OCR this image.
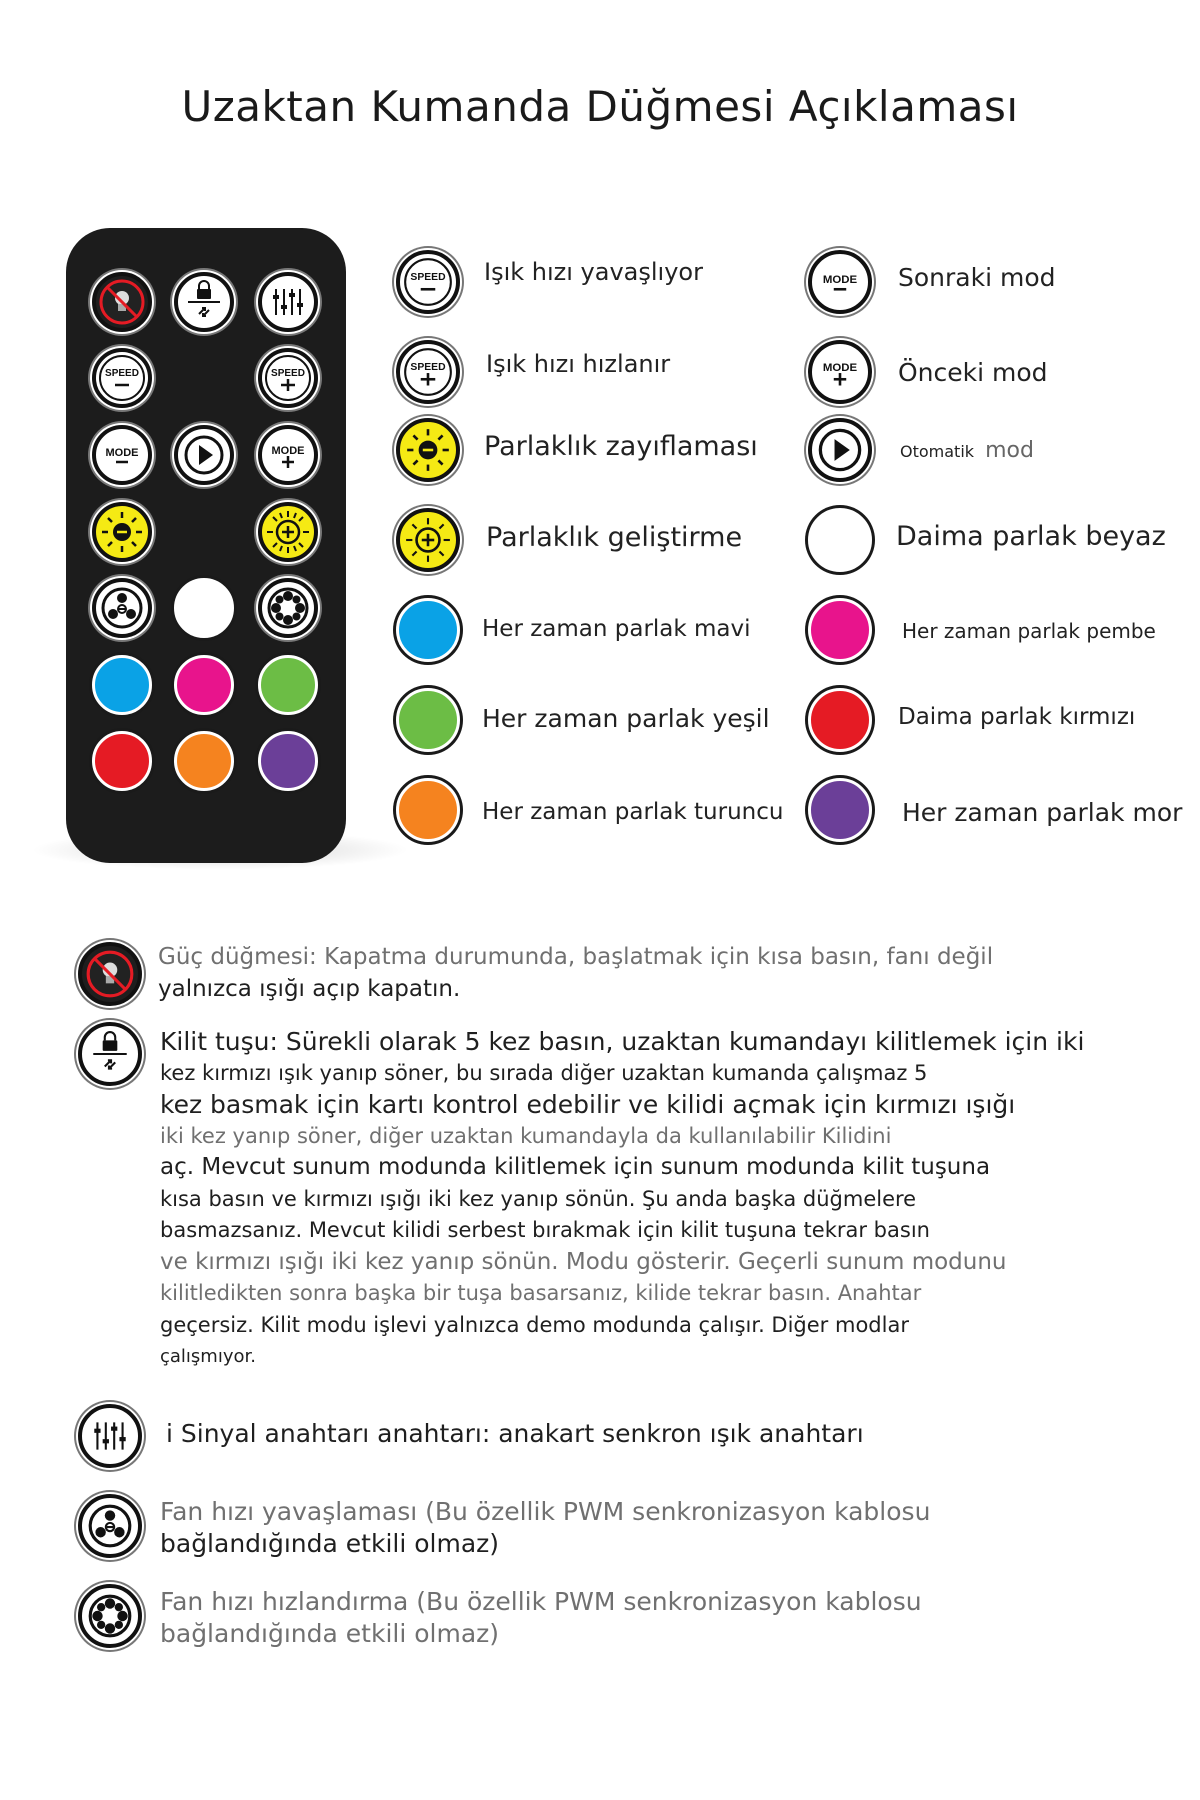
Uzaktan Kumanda Düğmesi Açıklaması
SPEED	SPEED
MODE	MODE
SPEED Işık hızı yavaşlıyor
SPEED Işık hızı hızlanır
Parlaklık zayıflaması
Parlaklık geliştirme
Her zaman parlak mavi
Her zaman parlak yeşil
Her zaman parlak turuncu
MODE Sonraki mod
MODE Önceki mod
Otomatik mod
Daima parlak beyaz
Her zaman parlak pembe
Daima parlak kırmızı
Her zaman parlak mor
Güç düğmesi: Kapatma durumunda, başlatmak için kısa basın, fanı değil
yalnızca ışığı açıp kapatın.
Kilit tuşu: Sürekli olarak 5 kez basın, uzaktan kumandayı kilitlemek için iki
kez kırmızı ışık yanıp söner, bu sırada diğer uzaktan kumanda çalışmaz 5
kez basmak için kartı kontrol edebilir ve kilidi açmak için kırmızı ışığı
iki kez yanıp söner, diğer uzaktan kumandayla da kullanılabilir Kilidini
aç. Mevcut sunum modunda kilitlemek için sunum modunda kilit tuşuna
kısa basın ve kırmızı ışığı iki kez yanıp sönün. Şu anda başka düğmelere
basmazsanız. Mevcut kilidi serbest bırakmak için kilit tuşuna tekrar basın
ve kırmızı ışığı iki kez yanıp sönün. Modu gösterir. Geçerli sunum modunu
kilitledikten sonra başka bir tuşa basarsanız, kilide tekrar basın. Anahtar
geçersiz. Kilit modu işlevi yalnızca demo modunda çalışır. Diğer modlar
çalışmıyor.
i Sinyal anahtarı anahtarı: anakart senkron ışık anahtarı
Fan hızı yavaşlaması (Bu özellik PWM senkronizasyon kablosu
bağlandığında etkili olmaz)
Fan hızı hızlandırma (Bu özellik PWM senkronizasyon kablosu
bağlandığında etkili olmaz)
